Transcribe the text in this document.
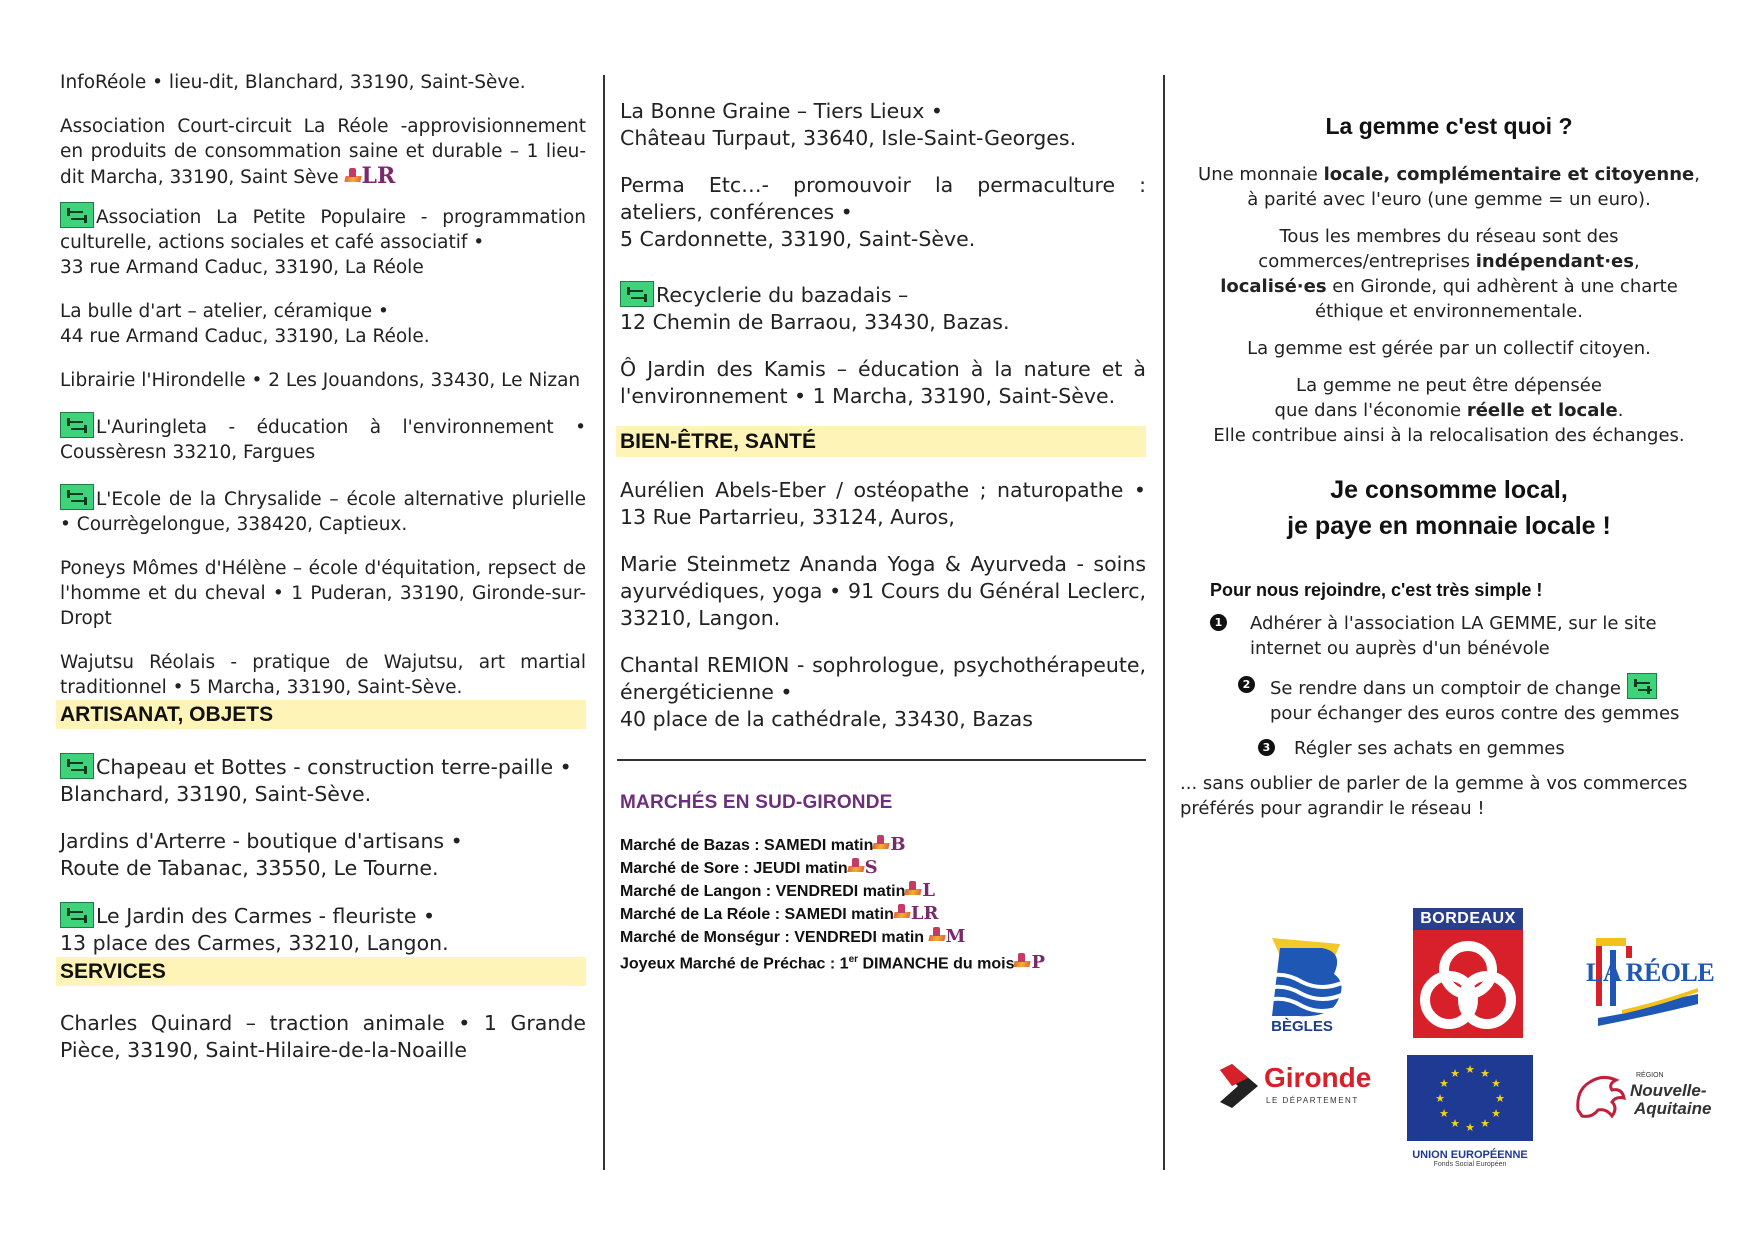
InfoRéole • lieu-dit, Blanchard, 33190, Saint-Sève.

Association Court-circuit La Réole -approvisionnement en produits de consommation saine et durable – 1 lieu-dit Marcha, 33190, Saint Sève LR

Association La Petite Populaire - programmation culturelle, actions sociales et café associatif •
33 rue Armand Caduc, 33190, La Réole

La bulle d'art – atelier, céramique •
44 rue Armand Caduc, 33190, La Réole.

Librairie l'Hirondelle • 2 Les Jouandons, 33430, Le Nizan

L'Auringleta - éducation à l'environnement • Coussèresn 33210, Fargues

L'Ecole de la Chrysalide – école alternative plurielle • Courrègelongue, 338420, Captieux.

Poneys Mômes d'Hélène – école d'équitation, repsect de l'homme et du cheval • 1 Puderan, 33190, Gironde-sur-Dropt

Wajutsu Réolais - pratique de Wajutsu, art martial traditionnel • 5 Marcha, 33190, Saint-Sève.

ARTISANAT, OBJETS

Chapeau et Bottes - construction terre-paille •
Blanchard, 33190, Saint-Sève.

Jardins d'Arterre - boutique d'artisans •
Route de Tabanac, 33550, Le Tourne.

Le Jardin des Carmes - fleuriste •
13 place des Carmes, 33210, Langon.

SERVICES

Charles Quinard – traction animale • 1 Grande Pièce, 33190, Saint-Hilaire-de-la-Noaille

La Bonne Graine – Tiers Lieux •
Château Turpaut, 33640, Isle-Saint-Georges.

Perma Etc…- promouvoir la permaculture : ateliers, conférences •
5 Cardonnette, 33190, Saint-Sève.

Recyclerie du bazadais –
12 Chemin de Barraou, 33430, Bazas.

Ô Jardin des Kamis – éducation à la nature et à l'environnement • 1 Marcha, 33190, Saint-Sève.

BIEN-ÊTRE, SANTÉ

Aurélien Abels-Eber / ostéopathe ; naturopathe • 13 Rue Partarrieu, 33124, Auros,

Marie Steinmetz Ananda Yoga & Ayurveda - soins ayurvédiques, yoga • 91 Cours du Général Leclerc, 33210, Langon.

Chantal REMION - sophrologue, psychothérapeute, énergéticienne •
40 place de la cathédrale, 33430, Bazas

MARCHÉS EN SUD-GIRONDE
Marché de Bazas : SAMEDI matin B
Marché de Sore : JEUDI matin S
Marché de Langon : VENDREDI matin L
Marché de La Réole : SAMEDI matin LR
Marché de Monségur : VENDREDI matin M
Joyeux Marché de Préchac : 1er DIMANCHE du mois P
La gemme c'est quoi ?

Une monnaie locale, complémentaire et citoyenne,
à parité avec l'euro (une gemme = un euro).

Tous les membres du réseau sont des
commerces/entreprises indépendant·es,
localisé·es en Gironde, qui adhèrent à une charte
éthique et environnementale.

La gemme est gérée par un collectif citoyen.

La gemme ne peut être dépensée
que dans l'économie réelle et locale.
Elle contribue ainsi à la relocalisation des échanges.

Je consomme local,
je paye en monnaie locale !
Pour nous rejoindre, c'est très simple !
1 Adhérer à l'association LA GEMME, sur le site internet ou auprès d'un bénévole
2 Se rendre dans un comptoir de change

pour échanger des euros contre des gemmes
3 Régler ses achats en gemmes

... sans oublier de parler de la gemme à vos commerces préférés pour agrandir le réseau !

BÈGLES
BORDEAUX
LA RÉOLE
Gironde
LE DÉPARTEMENT
★ ★
★
★
★
★
★
★
★
★
★
★
UNION EUROPÉENNE
Fonds Social Européen
RÉGION
Nouvelle-
Aquitaine
